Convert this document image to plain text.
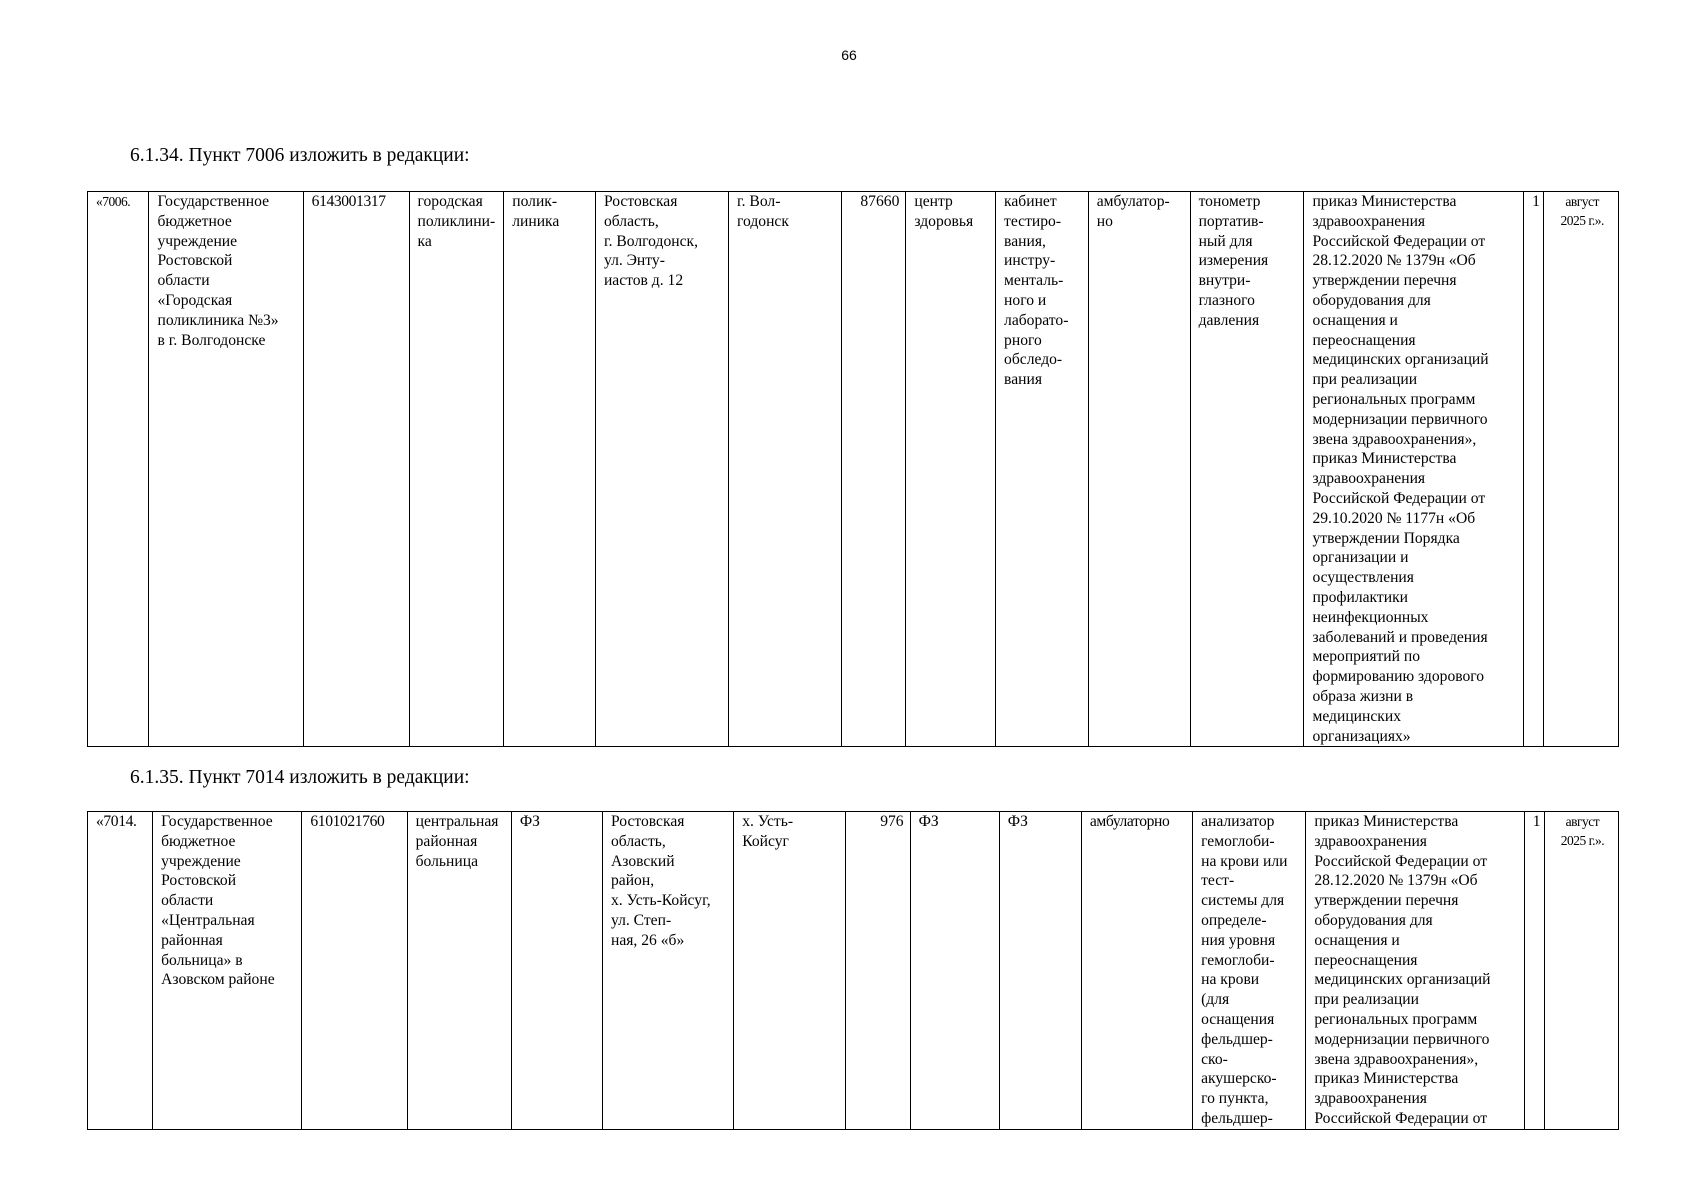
66
6.1.34. Пункт 7006 изложить в редакции:
«7006.	Государственное
бюджетное
учреждение
Ростовской
области
«Городская
поликлиника №3»
в г. Волгодонске	6143001317	городская
поликлини-
ка	полик-
линика	Ростовская
область,
г. Волгодонск,
ул. Энту-
иастов д. 12	г. Вол-
годонск	87660	центр
здоровья	кабинет
тестиро-
вания,
инстру-
менталь-
ного и
лаборато-
рного
обследо-
вания	амбулатор-
но	тонометр
портатив-
ный для
измерения
внутри-
глазного
давления	приказ Министерства
здравоохранения
Российской Федерации от
28.12.2020 № 1379н «Об
утверждении перечня
оборудования для
оснащения и
переоснащения
медицинских организаций
при реализации
региональных программ
модернизации первичного
звена здравоохранения»,
приказ Министерства
здравоохранения
Российской Федерации от
29.10.2020 № 1177н «Об
утверждении Порядка
организации и
осуществления
профилактики
неинфекционных
заболеваний и проведения
мероприятий по
формированию здорового
образа жизни в
медицинских
организациях»	1	август
2025 г.».
6.1.35. Пункт 7014 изложить в редакции:
«7014.	Государственное
бюджетное
учреждение
Ростовской
области
«Центральная
районная
больница» в
Азовском районе	6101021760	центральная
районная
больница	ФЗ	Ростовская
область,
Азовский
район,
х. Усть-Койсуг,
ул. Степ-
ная, 26 «б»	х. Усть-
Койсуг	976	ФЗ	ФЗ	амбулаторно	анализатор
гемоглоби-
на крови или
тест-
системы для
определе-
ния уровня
гемоглоби-
на крови
(для
оснащения
фельдшер-
ско-
акушерско-
го пункта,
фельдшер-	приказ Министерства
здравоохранения
Российской Федерации от
28.12.2020 № 1379н «Об
утверждении перечня
оборудования для
оснащения и
переоснащения
медицинских организаций
при реализации
региональных программ
модернизации первичного
звена здравоохранения»,
приказ Министерства
здравоохранения
Российской Федерации от	1	август
2025 г.».
